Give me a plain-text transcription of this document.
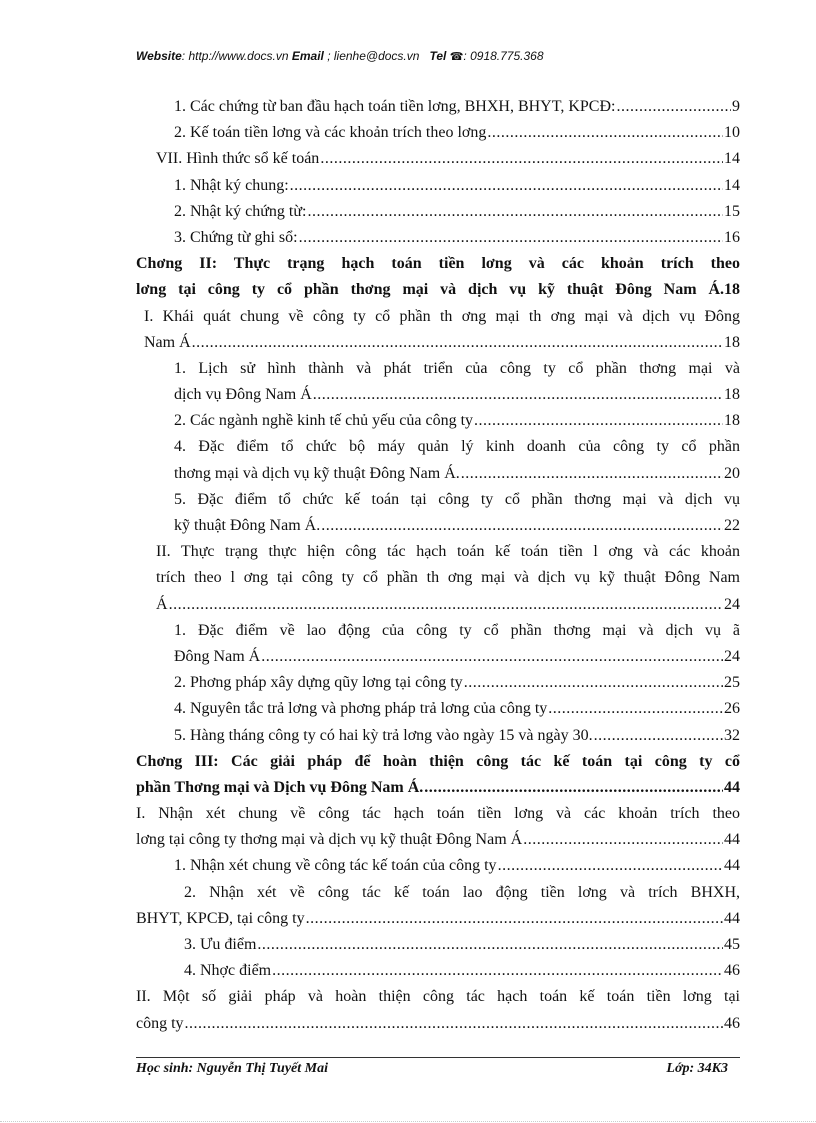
Website: http://www.docs.vn Email ; lienhe@docs.vn Tel ☎: 0918.775.368
1. Các chứng từ ban đầu hạch toán tiền lơng, BHXH, BHYT, KPCĐ: .....	9
2. Kế toán tiền lơng và các khoản trích theo lơng .....	10
VII. Hình thức sổ kế toán .....	14
1. Nhật ký chung: .....	14
2. Nhật ký chứng từ: .....	15
3. Chứng từ ghi sổ: .....	16
Chơng II: Thực trạng hạch toán tiền lơng và các khoản trích theo
lơng tại công ty cổ phần thơng mại và dịch vụ kỹ thuật Đông Nam Á.18
I. Khái quát chung về công ty cổ phần th ơng mại th ơng mại và dịch vụ Đông
Nam Á .....	18
1. Lịch sử hình thành và phát triển của công ty cổ phần thơng mại và
dịch vụ Đông Nam Á .....	18
2. Các ngành nghề kinh tế chủ yếu của công ty .....	18
4. Đặc điểm tổ chức bộ máy quản lý kinh doanh của công ty cổ phần
thơng mại và dịch vụ kỹ thuật Đông Nam Á. .....	20
5. Đặc điểm tổ chức kế toán tại công ty cổ phần thơng mại và dịch vụ
kỹ thuật Đông Nam Á. .....	22
II. Thực trạng thực hiện công tác hạch toán kế toán tiền l ơng và các khoản
trích theo l ơng tại công ty cổ phần th ơng mại và dịch vụ kỹ thuật Đông Nam
Á .....	24
1. Đặc điểm về lao động của công ty cổ phần thơng mại và dịch vụ ã
Đông Nam Á .....	24
2. Phơng pháp xây dựng qũy lơng tại công ty .....	25
4. Nguyên tắc trả lơng và phơng pháp trả lơng của công ty .....	26
5. Hàng tháng công ty có hai kỳ trả lơng vào ngày 15 và ngày 30. .....	32
Chơng III: Các giải pháp để hoàn thiện công tác kế toán tại công ty cổ
phần Thơng mại và Dịch vụ Đông Nam Á. .....	44
I. Nhận xét chung về công tác hạch toán tiền lơng và các khoản trích theo
lơng tại công ty thơng mại và dịch vụ kỹ thuật Đông Nam Á .....	44
1. Nhận xét chung về công tác kế toán của công ty .....	44
2. Nhận xét về công tác kế toán lao động tiền lơng và trích BHXH,
BHYT, KPCĐ, tại công ty .....	44
3. Ưu điểm .....	45
4. Nhợc điểm .....	46
II. Một số giải pháp và hoàn thiện công tác hạch toán kế toán tiền lơng tại
công ty .....	46
Học sinh: Nguyễn Thị Tuyết Mai	Lớp: 34K3
